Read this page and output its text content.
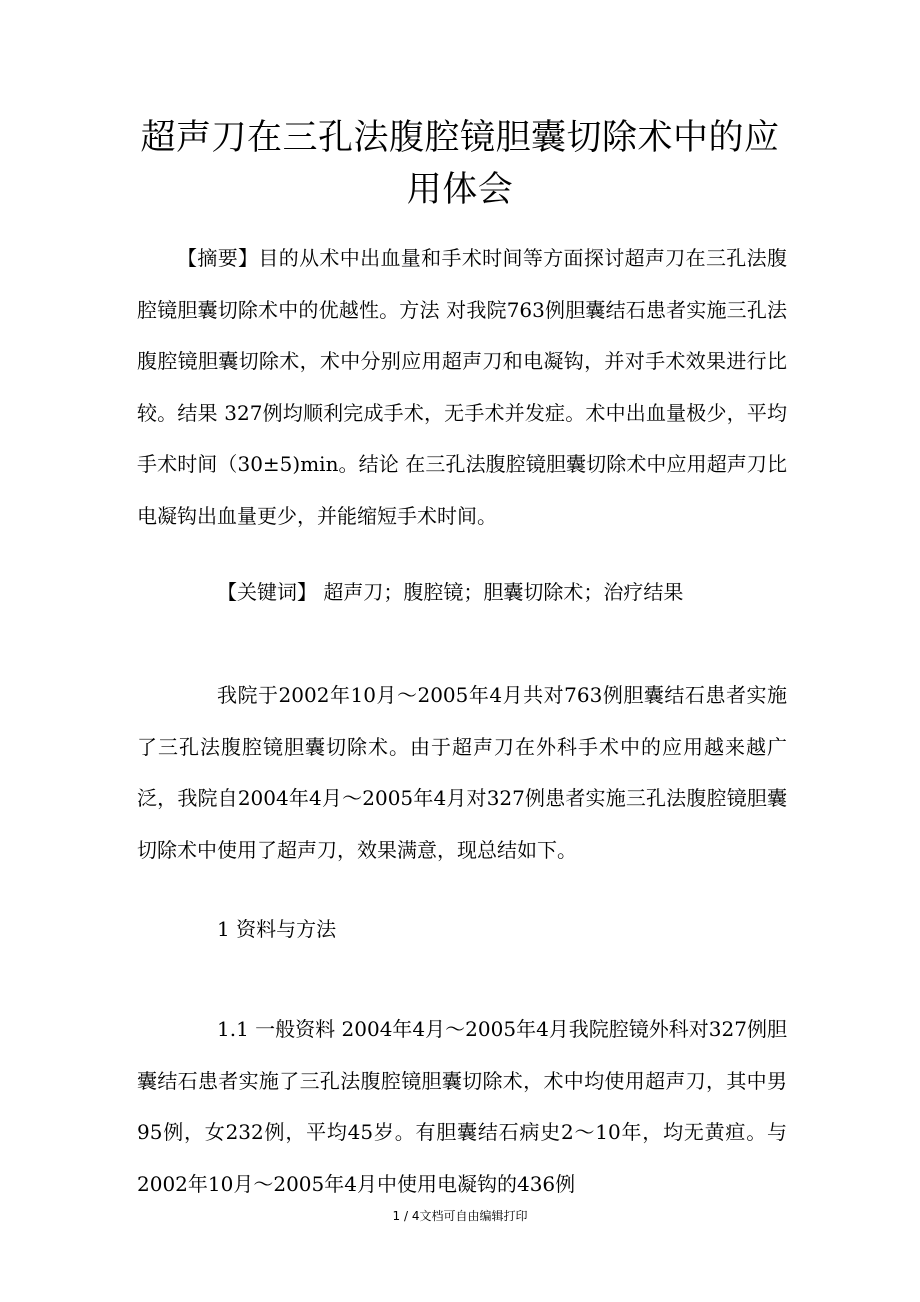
超声刀在三孔法腹腔镜胆囊切除术中的应用体会

【摘要】目的从术中出血量和手术时间等方面探讨超声刀在三孔法腹腔镜胆囊切除术中的优越性。方法 对我院763例胆囊结石患者实施三孔法腹腔镜胆囊切除术，术中分别应用超声刀和电凝钩，并对手术效果进行比较。结果 327例均顺利完成手术，无手术并发症。术中出血量极少，平均手术时间（30±5)min。结论 在三孔法腹腔镜胆囊切除术中应用超声刀比电凝钩出血量更少，并能缩短手术时间。

【关键词】 超声刀；腹腔镜；胆囊切除术；治疗结果

我院于2002年10月～2005年4月共对763例胆囊结石患者实施了三孔法腹腔镜胆囊切除术。由于超声刀在外科手术中的应用越来越广泛，我院自2004年4月～2005年4月对327例患者实施三孔法腹腔镜胆囊切除术中使用了超声刀，效果满意，现总结如下。

1 资料与方法

1.1 一般资料 2004年4月～2005年4月我院腔镜外科对327例胆囊结石患者实施了三孔法腹腔镜胆囊切除术，术中均使用超声刀，其中男95例，女232例，平均45岁。有胆囊结石病史2～10年，均无黄疸。与2002年10月～2005年4月中使用电凝钩的436例

1 / 4文档可自由编辑打印
